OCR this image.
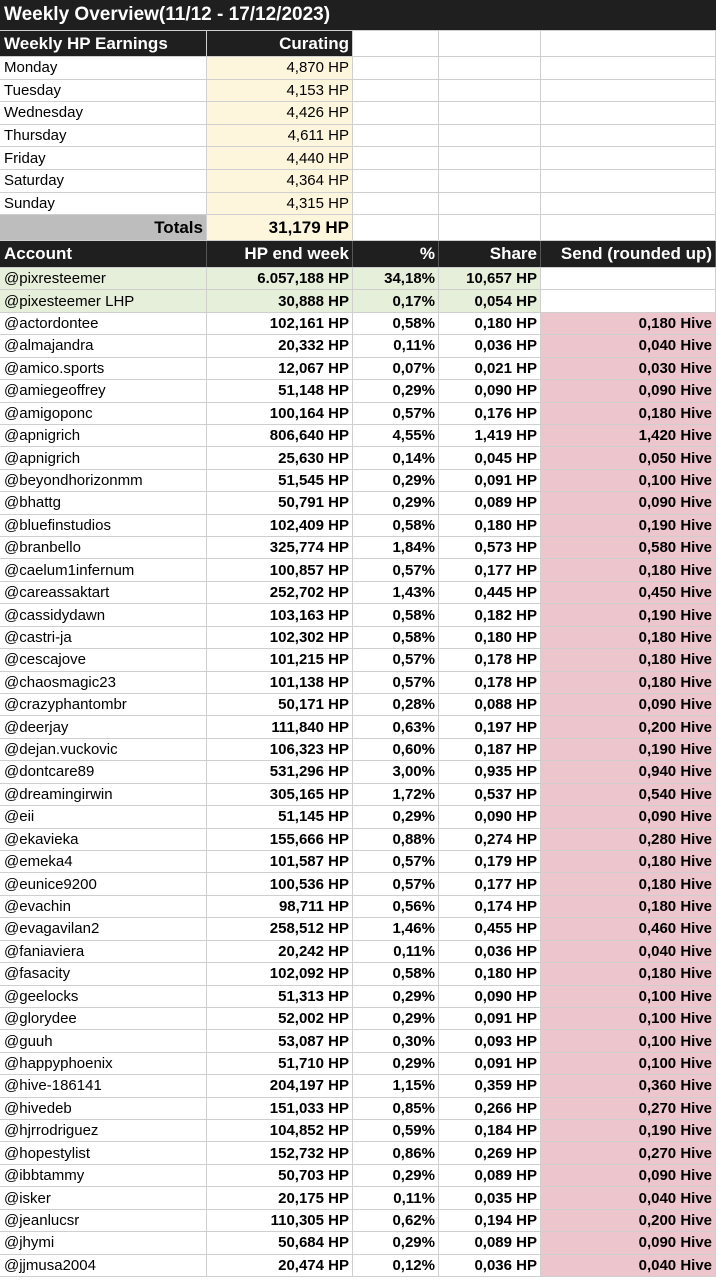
Weekly Overview(11/12 - 17/12/2023)
Weekly HP Earnings	Curating
Monday	4,870 HP
Tuesday	4,153 HP
Wednesday	4,426 HP
Thursday	4,611 HP
Friday	4,440 HP
Saturday	4,364 HP
Sunday	4,315 HP
Totals	31,179 HP
Account	HP end week	%	Share	Send (rounded up)
@pixresteemer	6.057,188 HP	34,18%	10,657 HP
@pixesteemer LHP	30,888 HP	0,17%	0,054 HP
@actordontee	102,161 HP	0,58%	0,180 HP	0,180 Hive
@almajandra	20,332 HP	0,11%	0,036 HP	0,040 Hive
@amico.sports	12,067 HP	0,07%	0,021 HP	0,030 Hive
@amiegeoffrey	51,148 HP	0,29%	0,090 HP	0,090 Hive
@amigoponc	100,164 HP	0,57%	0,176 HP	0,180 Hive
@apnigrich	806,640 HP	4,55%	1,419 HP	1,420 Hive
@apnigrich	25,630 HP	0,14%	0,045 HP	0,050 Hive
@beyondhorizonmm	51,545 HP	0,29%	0,091 HP	0,100 Hive
@bhattg	50,791 HP	0,29%	0,089 HP	0,090 Hive
@bluefinstudios	102,409 HP	0,58%	0,180 HP	0,190 Hive
@branbello	325,774 HP	1,84%	0,573 HP	0,580 Hive
@caelum1infernum	100,857 HP	0,57%	0,177 HP	0,180 Hive
@careassaktart	252,702 HP	1,43%	0,445 HP	0,450 Hive
@cassidydawn	103,163 HP	0,58%	0,182 HP	0,190 Hive
@castri-ja	102,302 HP	0,58%	0,180 HP	0,180 Hive
@cescajove	101,215 HP	0,57%	0,178 HP	0,180 Hive
@chaosmagic23	101,138 HP	0,57%	0,178 HP	0,180 Hive
@crazyphantombr	50,171 HP	0,28%	0,088 HP	0,090 Hive
@deerjay	111,840 HP	0,63%	0,197 HP	0,200 Hive
@dejan.vuckovic	106,323 HP	0,60%	0,187 HP	0,190 Hive
@dontcare89	531,296 HP	3,00%	0,935 HP	0,940 Hive
@dreamingirwin	305,165 HP	1,72%	0,537 HP	0,540 Hive
@eii	51,145 HP	0,29%	0,090 HP	0,090 Hive
@ekavieka	155,666 HP	0,88%	0,274 HP	0,280 Hive
@emeka4	101,587 HP	0,57%	0,179 HP	0,180 Hive
@eunice9200	100,536 HP	0,57%	0,177 HP	0,180 Hive
@evachin	98,711 HP	0,56%	0,174 HP	0,180 Hive
@evagavilan2	258,512 HP	1,46%	0,455 HP	0,460 Hive
@faniaviera	20,242 HP	0,11%	0,036 HP	0,040 Hive
@fasacity	102,092 HP	0,58%	0,180 HP	0,180 Hive
@geelocks	51,313 HP	0,29%	0,090 HP	0,100 Hive
@glorydee	52,002 HP	0,29%	0,091 HP	0,100 Hive
@guuh	53,087 HP	0,30%	0,093 HP	0,100 Hive
@happyphoenix	51,710 HP	0,29%	0,091 HP	0,100 Hive
@hive-186141	204,197 HP	1,15%	0,359 HP	0,360 Hive
@hivedeb	151,033 HP	0,85%	0,266 HP	0,270 Hive
@hjrrodriguez	104,852 HP	0,59%	0,184 HP	0,190 Hive
@hopestylist	152,732 HP	0,86%	0,269 HP	0,270 Hive
@ibbtammy	50,703 HP	0,29%	0,089 HP	0,090 Hive
@isker	20,175 HP	0,11%	0,035 HP	0,040 Hive
@jeanlucsr	110,305 HP	0,62%	0,194 HP	0,200 Hive
@jhymi	50,684 HP	0,29%	0,089 HP	0,090 Hive
@jjmusa2004	20,474 HP	0,12%	0,036 HP	0,040 Hive
